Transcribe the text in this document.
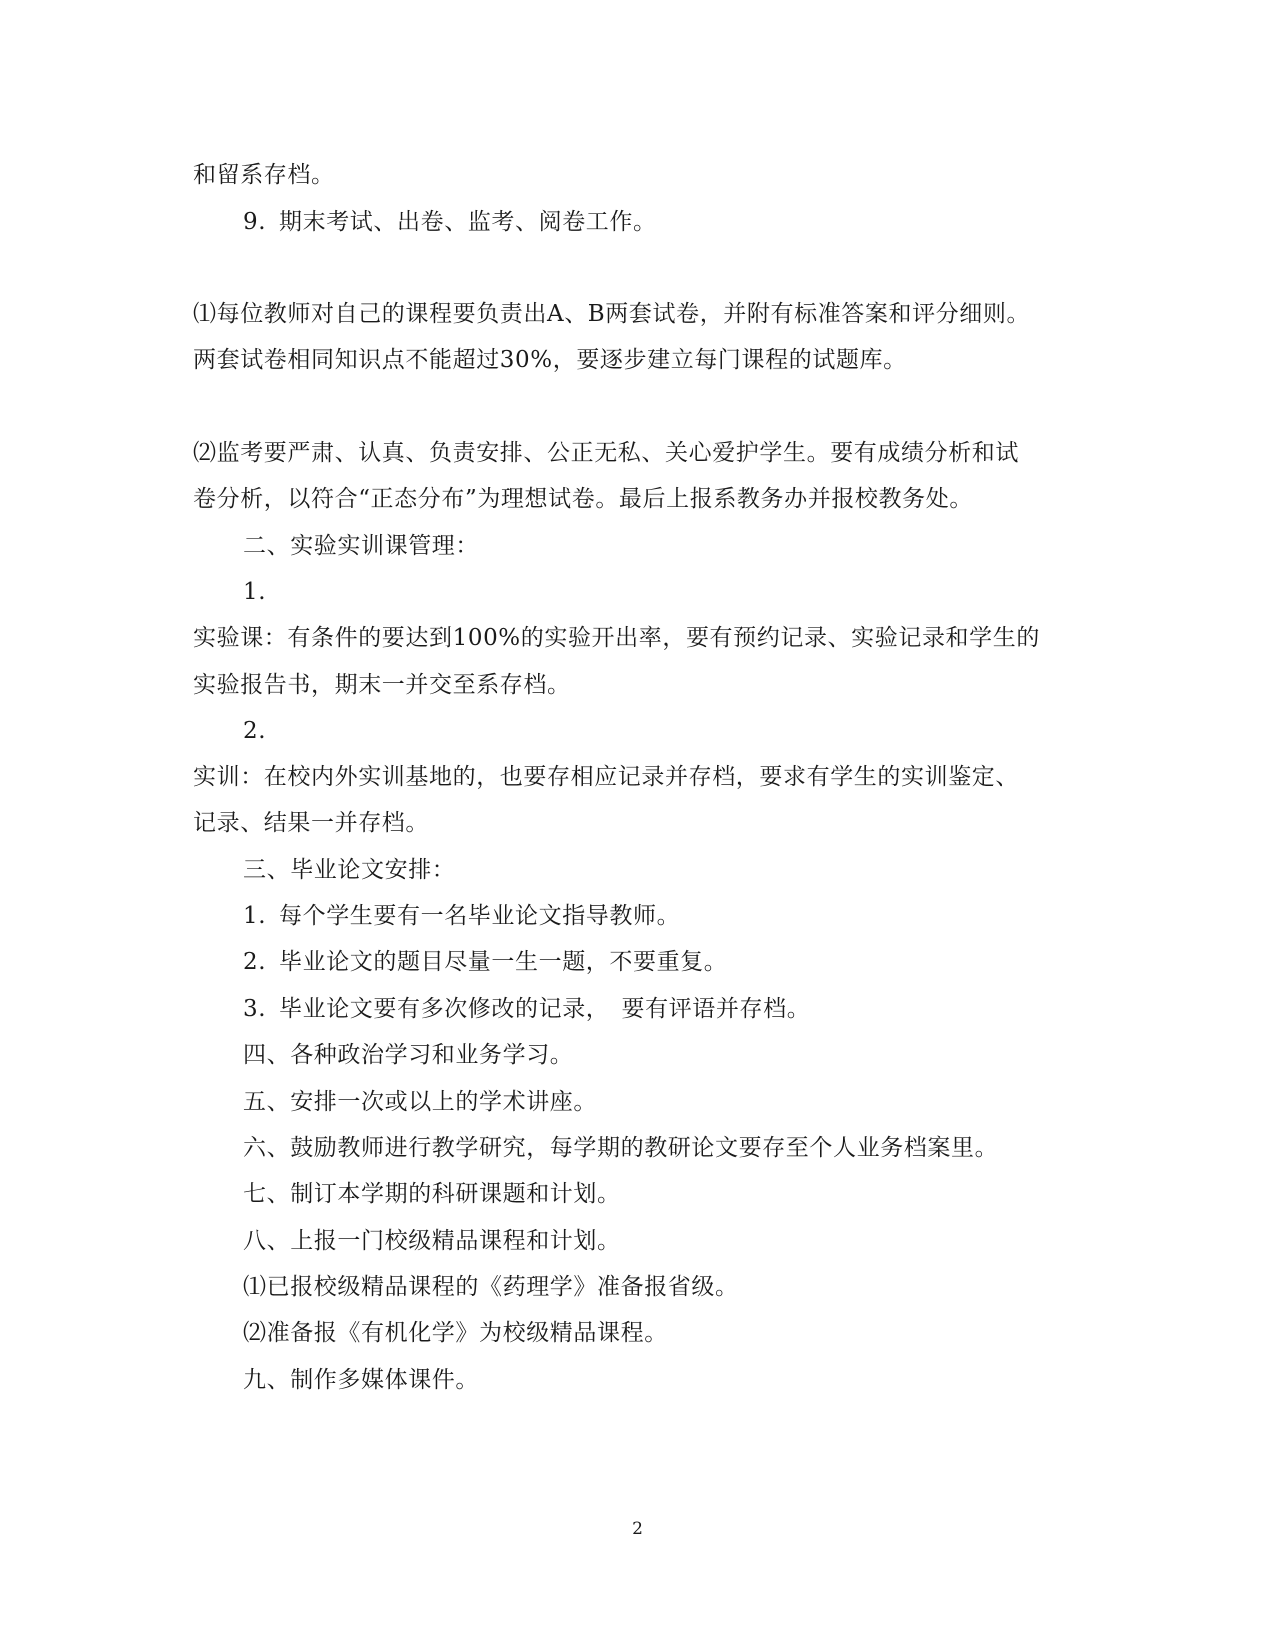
和留系存档。
9. 期末考试、出卷、监考、阅卷工作。
⑴每位教师对自己的课程要负责出A、B两套试卷，并附有标准答案和评分细则。
两套试卷相同知识点不能超过30%，要逐步建立每门课程的试题库。
⑵监考要严肃、认真、负责安排、公正无私、关心爱护学生。要有成绩分析和试
卷分析，以符合“正态分布”为理想试卷。最后上报系教务办并报校教务处。
二、实验实训课管理：
1.
实验课：有条件的要达到100%的实验开出率，要有预约记录、实验记录和学生的
实验报告书，期末一并交至系存档。
2.
实训：在校内外实训基地的，也要存相应记录并存档，要求有学生的实训鉴定、
记录、结果一并存档。
三、毕业论文安排：
1. 每个学生要有一名毕业论文指导教师。
2. 毕业论文的题目尽量一生一题，不要重复。
3. 毕业论文要有多次修改的记录，　要有评语并存档。
四、各种政治学习和业务学习。
五、安排一次或以上的学术讲座。
六、鼓励教师进行教学研究，每学期的教研论文要存至个人业务档案里。
七、制订本学期的科研课题和计划。
八、上报一门校级精品课程和计划。
⑴已报校级精品课程的《药理学》准备报省级。
⑵准备报《有机化学》为校级精品课程。
九、制作多媒体课件。
2
